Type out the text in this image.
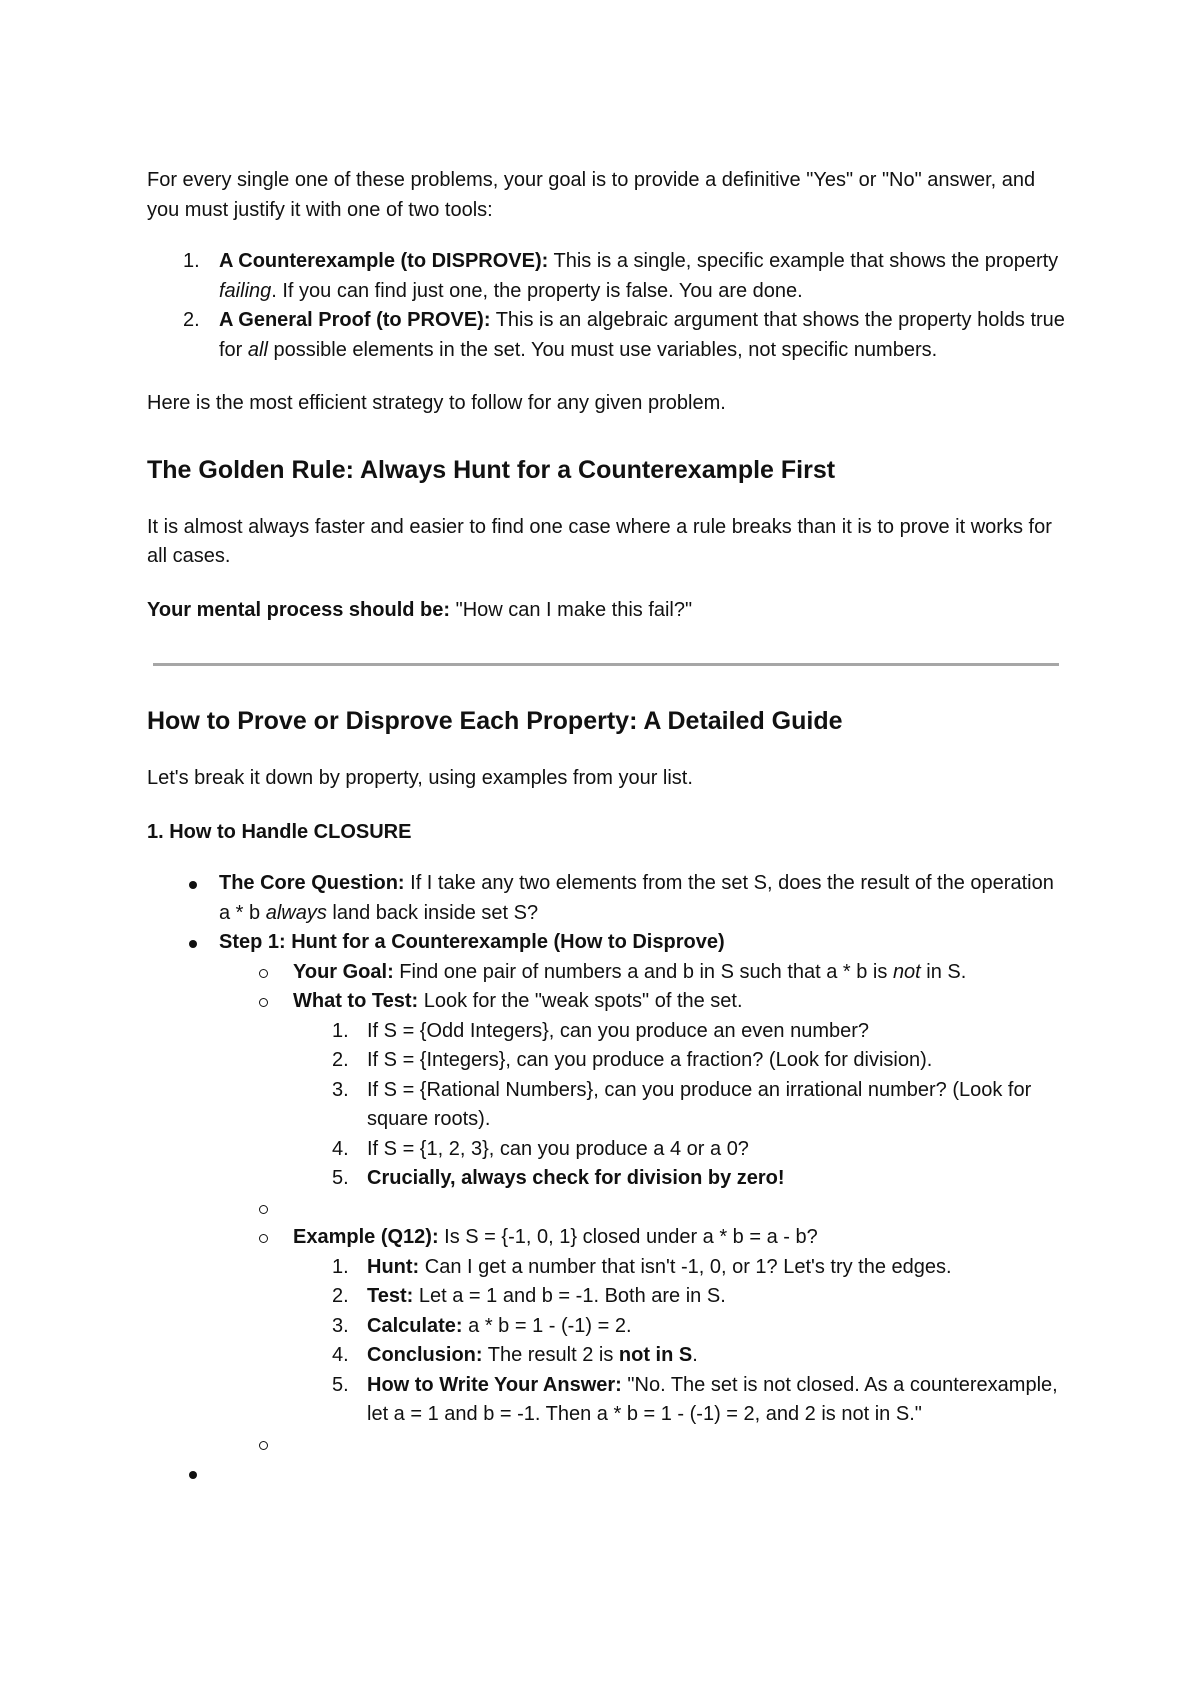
For every single one of these problems, your goal is to provide a definitive "Yes" or "No" answer, and you must justify it with one of two tools:

1. A Counterexample (to DISPROVE): This is a single, specific example that shows the property failing. If you can find just one, the property is false. You are done.
2. A General Proof (to PROVE): This is an algebraic argument that shows the property holds true for all possible elements in the set. You must use variables, not specific numbers.

Here is the most efficient strategy to follow for any given problem.

The Golden Rule: Always Hunt for a Counterexample First

It is almost always faster and easier to find one case where a rule breaks than it is to prove it works for all cases.

Your mental process should be: "How can I make this fail?"

How to Prove or Disprove Each Property: A Detailed Guide

Let's break it down by property, using examples from your list.

1. How to Handle CLOSURE

The Core Question: If I take any two elements from the set S, does the result of the operation a * b always land back inside set S?
Step 1: Hunt for a Counterexample (How to Disprove)
Your Goal: Find one pair of numbers a and b in S such that a * b is not in S.
What to Test: Look for the "weak spots" of the set.
1. If S = {Odd Integers}, can you produce an even number?
2. If S = {Integers}, can you produce a fraction? (Look for division).
3. If S = {Rational Numbers}, can you produce an irrational number? (Look for square roots).
4. If S = {1, 2, 3}, can you produce a 4 or a 0?
5. Crucially, always check for division by zero!
Example (Q12): Is S = {-1, 0, 1} closed under a * b = a - b?
1. Hunt: Can I get a number that isn't -1, 0, or 1? Let's try the edges.
2. Test: Let a = 1 and b = -1. Both are in S.
3. Calculate: a * b = 1 - (-1) = 2.
4. Conclusion: The result 2 is not in S.
5. How to Write Your Answer: "No. The set is not closed. As a counterexample, let a = 1 and b = -1. Then a * b = 1 - (-1) = 2, and 2 is not in S."
